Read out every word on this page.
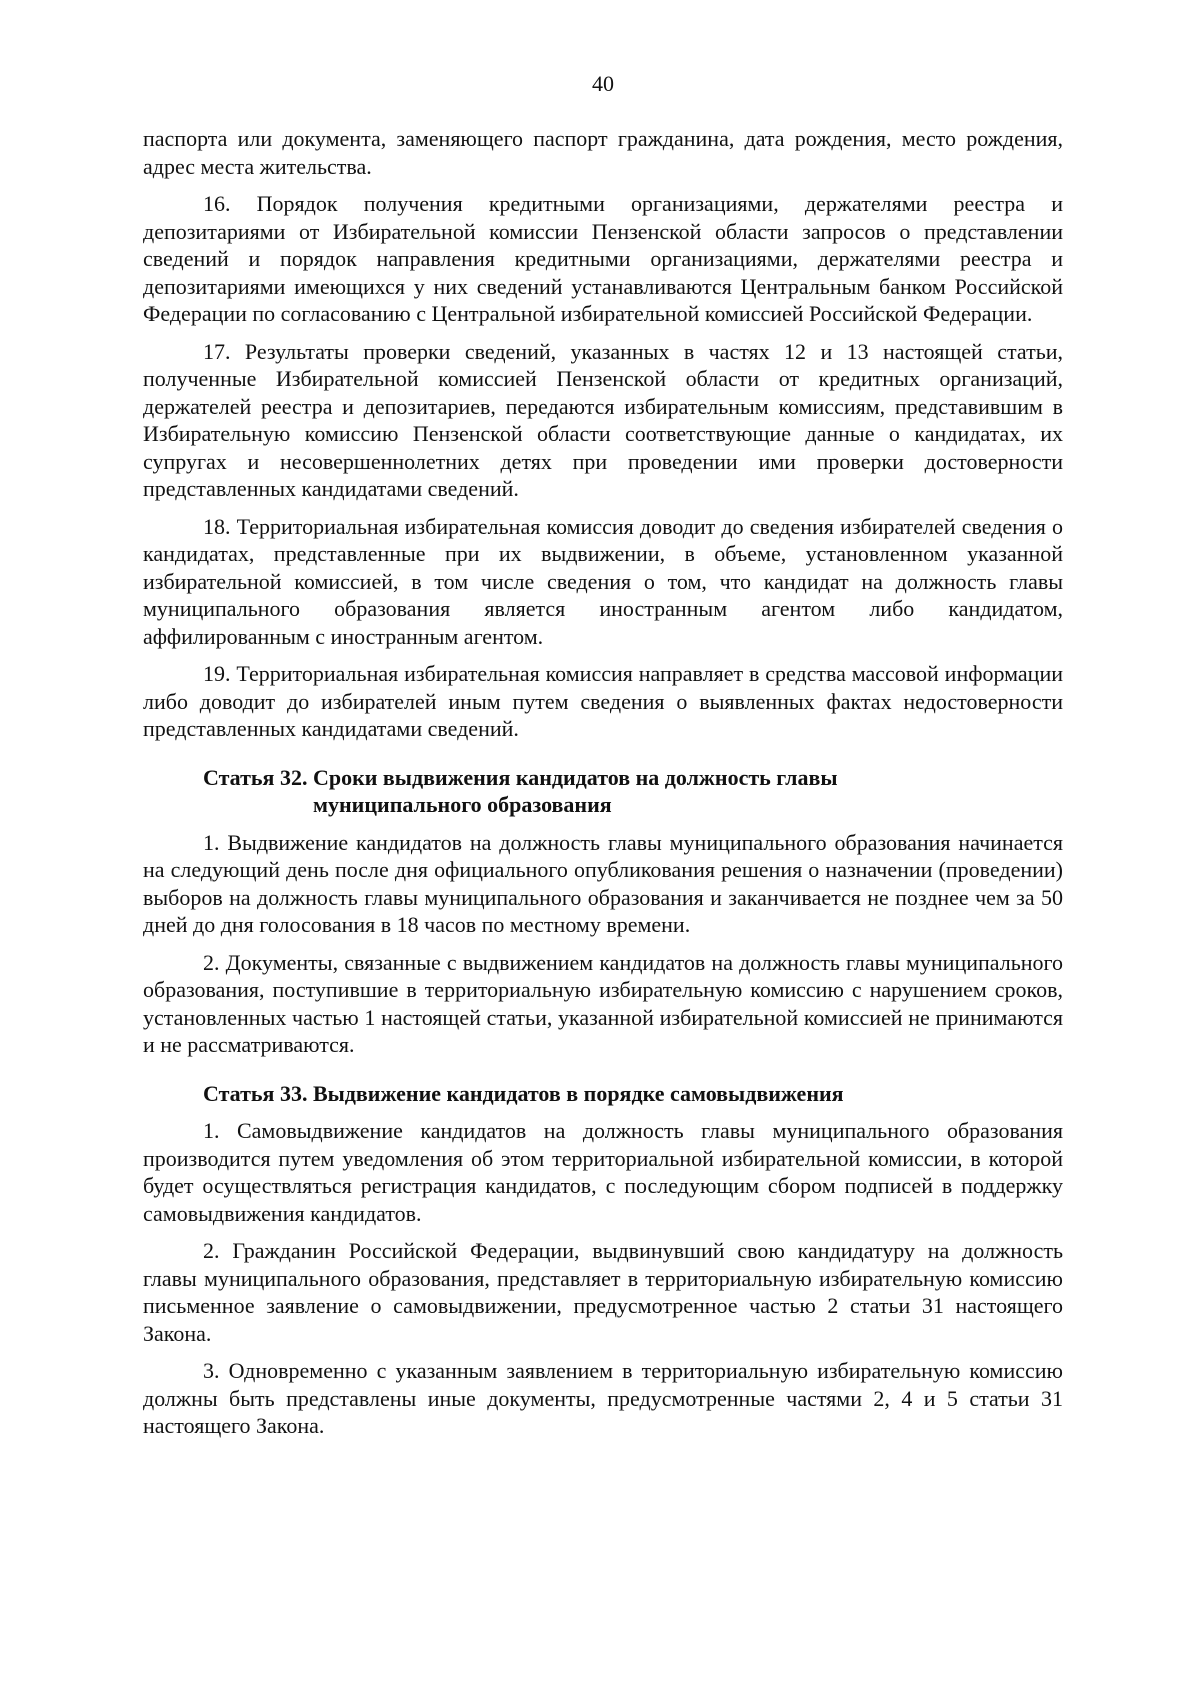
40

паспорта или документа, заменяющего паспорт гражданина, дата рождения, место рождения, адрес места жительства.

16. Порядок получения кредитными организациями, держателями реестра и депозитариями от Избирательной комиссии Пензенской области запросов о представлении сведений и порядок направления кредитными организациями, держателями реестра и депозитариями имеющихся у них сведений устанавливаются Центральным банком Российской Федерации по согласованию с Центральной избирательной комиссией Российской Федерации.

17. Результаты проверки сведений, указанных в частях 12 и 13 настоящей статьи, полученные Избирательной комиссией Пензенской области от кредитных организаций, держателей реестра и депозитариев, передаются избирательным комиссиям, представившим в Избирательную комиссию Пензенской области соответствующие данные о кандидатах, их супругах и несовершеннолетних детях при проведении ими проверки достоверности представленных кандидатами сведений.

18. Территориальная избирательная комиссия доводит до сведения избирателей сведения о кандидатах, представленные при их выдвижении, в объеме, установленном указанной избирательной комиссией, в том числе сведения о том, что кандидат на должность главы муниципального образования является иностранным агентом либо кандидатом, аффилированным с иностранным агентом.

19. Территориальная избирательная комиссия направляет в средства массовой информации либо доводит до избирателей иным путем сведения о выявленных фактах недостоверности представленных кандидатами сведений.

Статья 32. Сроки выдвижения кандидатов на должность главы
муниципального образования

1. Выдвижение кандидатов на должность главы муниципального образования начинается на следующий день после дня официального опубликования решения о назначении (проведении) выборов на должность главы муниципального образования и заканчивается не позднее чем за 50 дней до дня голосования в 18 часов по местному времени.

2. Документы, связанные с выдвижением кандидатов на должность главы муниципального образования, поступившие в территориальную избирательную комиссию с нарушением сроков, установленных частью 1 настоящей статьи, указанной избирательной комиссией не принимаются и не рассматриваются.

Статья 33. Выдвижение кандидатов в порядке самовыдвижения

1. Самовыдвижение кандидатов на должность главы муниципального образования производится путем уведомления об этом территориальной избирательной комиссии, в которой будет осуществляться регистрация кандидатов, с последующим сбором подписей в поддержку самовыдвижения кандидатов.

2. Гражданин Российской Федерации, выдвинувший свою кандидатуру на должность главы муниципального образования, представляет в территориальную избирательную комиссию письменное заявление о самовыдвижении, предусмотренное частью 2 статьи 31 настоящего Закона.

3. Одновременно с указанным заявлением в территориальную избирательную комиссию должны быть представлены иные документы, предусмотренные частями 2, 4 и 5 статьи 31 настоящего Закона.
